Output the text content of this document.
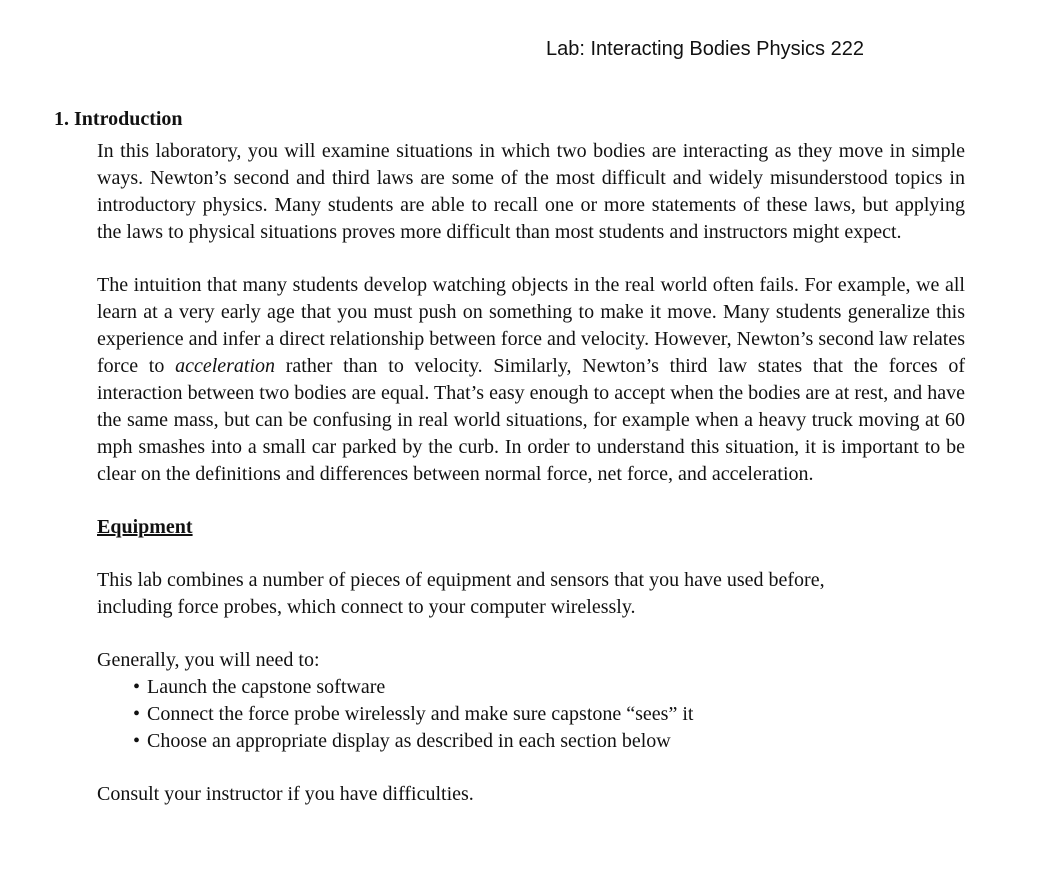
Lab: Interacting Bodies Physics 222
1. Introduction

In this laboratory, you will examine situations in which two bodies are interacting as they move in simple ways. Newton’s second and third laws are some of the most difficult and widely misunderstood topics in introductory physics. Many students are able to recall one or more statements of these laws, but applying the laws to physical situations proves more difficult than most students and instructors might expect.

The intuition that many students develop watching objects in the real world often fails. For example, we all learn at a very early age that you must push on something to make it move. Many students generalize this experience and infer a direct relationship between force and velocity. However, Newton’s second law relates force to acceleration rather than to velocity. Similarly, Newton’s third law states that the forces of interaction between two bodies are equal. That’s easy enough to accept when the bodies are at rest, and have the same mass, but can be confusing in real world situations, for example when a heavy truck moving at 60 mph smashes into a small car parked by the curb. In order to understand this situation, it is important to be clear on the definitions and differences between normal force, net force, and acceleration.

Equipment

This lab combines a number of pieces of equipment and sensors that you have used before,
including force probes, which connect to your computer wirelessly.

Generally, you will need to:

• Launch the capstone software
• Connect the force probe wirelessly and make sure capstone “sees” it
• Choose an appropriate display as described in each section below

Consult your instructor if you have difficulties.
